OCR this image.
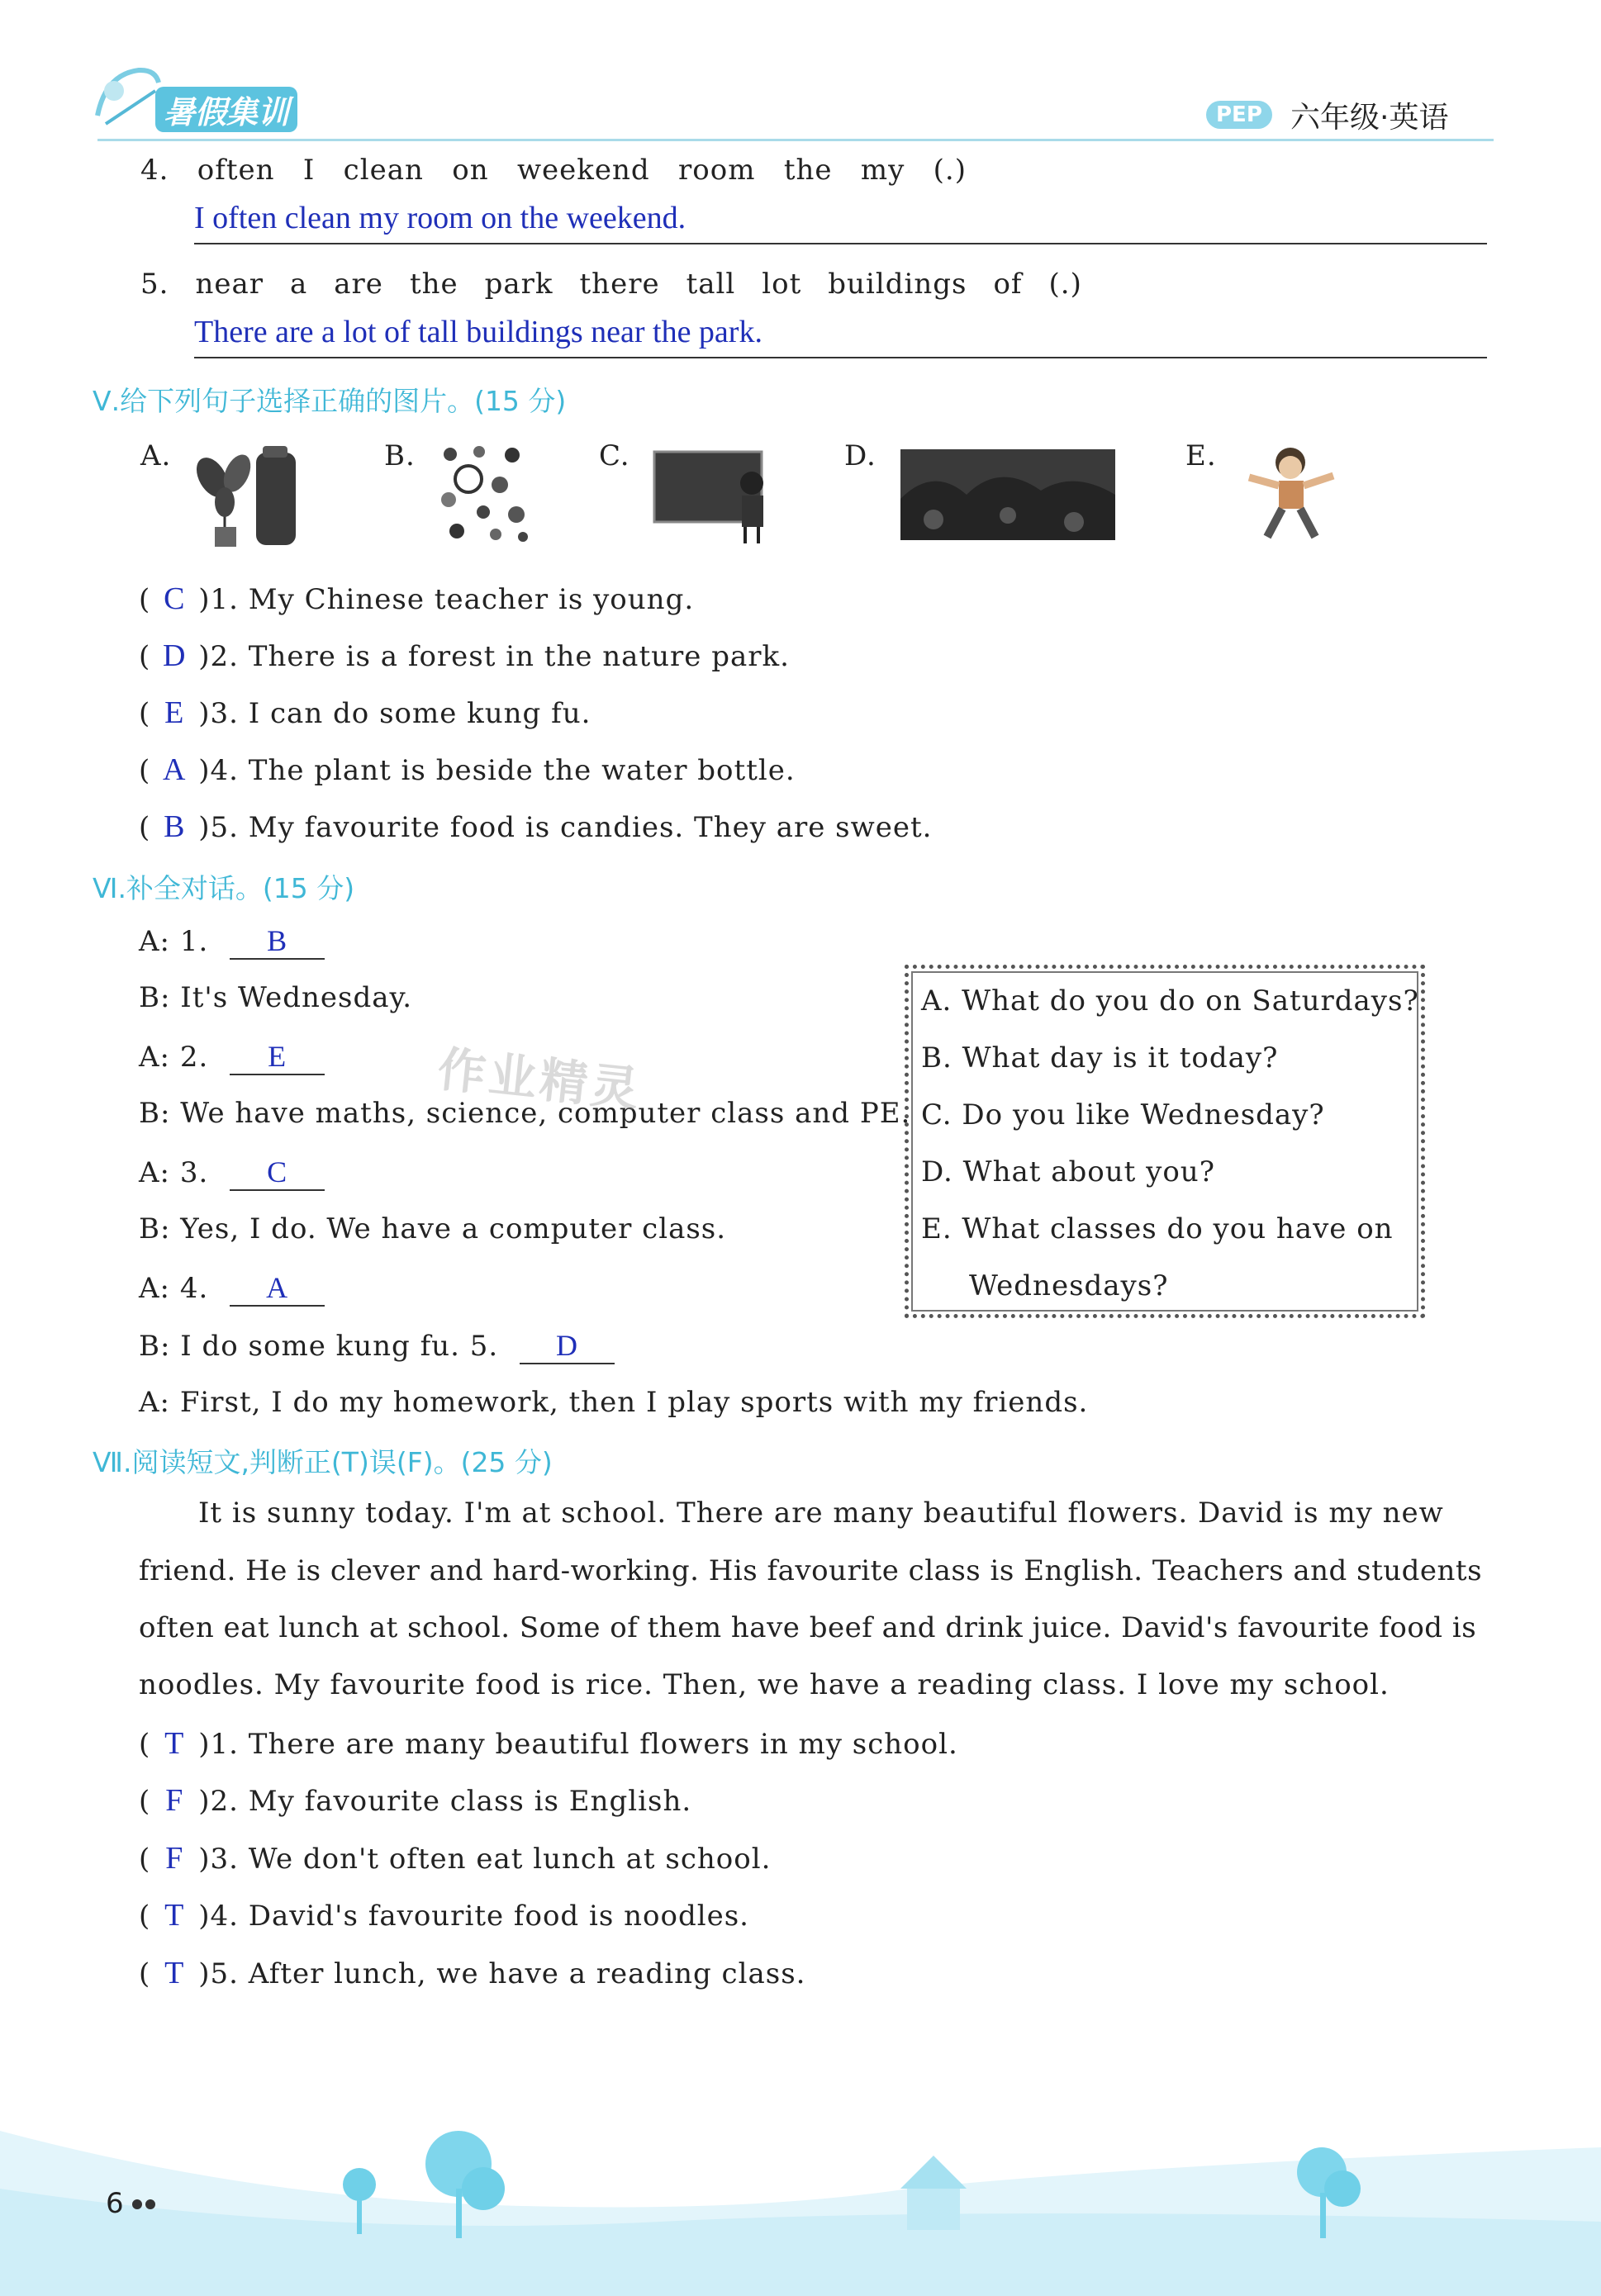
暑假集训	PEP 六年级·英语
4. often I clean on weekend room the my (.)
I often clean my room on the weekend.
5. near a are the park there tall lot buildings of (.)
There are a lot of tall buildings near the park.
Ⅴ.给下列句子选择正确的图片。(15 分)
A.	B.	C.	D.	E.
( C )1. My Chinese teacher is young.
( D )2. There is a forest in the nature park.
( E )3. I can do some kung fu.
( A )4. The plant is beside the water bottle.
( B )5. My favourite food is candies. They are sweet.
Ⅵ.补全对话。(15 分)
A: 1. B
B: It's Wednesday.
A: 2. E
B: We have maths, science, computer class and PE.
A: 3. C
B: Yes, I do. We have a computer class.
A: 4. A
B: I do some kung fu. 5. D
A: First, I do my homework, then I play sports with my friends.
A. What do you do on Saturdays?
B. What day is it today?
C. Do you like Wednesday?
D. What about you?
E. What classes do you have on
Wednesdays?
作业精灵
Ⅶ.阅读短文,判断正(T)误(F)。(25 分)
It is sunny today. I'm at school. There are many beautiful flowers. David is my new
friend. He is clever and hard-working. His favourite class is English. Teachers and students
often eat lunch at school. Some of them have beef and drink juice. David's favourite food is
noodles. My favourite food is rice. Then, we have a reading class. I love my school.
( T )1. There are many beautiful flowers in my school.
( F )2. My favourite class is English.
( F )3. We don't often eat lunch at school.
( T )4. David's favourite food is noodles.
( T )5. After lunch, we have a reading class.
6
